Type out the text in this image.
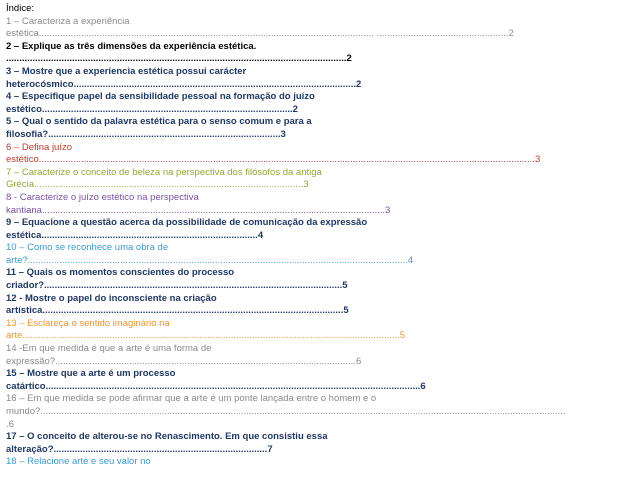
Índice:
1 – Caracteriza a experiência
estética............................................................................................................................... ..................................................2
2 – Explique as três dimensões da experiência estética.
.................................................................................................................................2
3 – Mostre que a experiencia estética possui carácter
heterocósmico...........................................................................................................2
4 – Especifique papel da sensibilidade pessoal na formação do juízo
estético...............................................................................................2
5 – Qual o sentido da palavra estética para o senso comum e para a
filosofia?........................................................................................3
6 – Defina juízo
estético............................................................................................................................................................................................3
7 – Caracterize o conceito de beleza na perspectiva dos filósofos da antiga
Grécia......................................................................................................3
8 - Caracterize o juízo estético na perspectiva
kantiana..................................................................................................................................3
9 – Equacione a questão acerca da possibilidade de comunicação da expressão
estética..................................................................................4
10 – Como se reconhece uma obra de
arte?................................................................................................................................................4
11 – Quais os momentos conscientes do processo
criador?.................................................................................................................5
12 - Mostre o papel do inconsciente na criação
artística..................................................................................................................5
13 – Esclareça o sentido imaginário na
arte...............................................................................................................................................5
14 -Em que medida é que a arte é uma forma de
expressão?..................................................................................................................6
15 – Mostre que a arte é um processo
catártico..............................................................................................................................................6
16 – Em que medida se pode afirmar que a arte é um ponte lançada entre o homem e o
mundo?.......................................................................................................................................................................................................
.6
17 – O conceito de alterou-se no Renascimento. Em que consistiu essa
alteração?.................................................................................7
18 – Relacione arte e seu valor no
